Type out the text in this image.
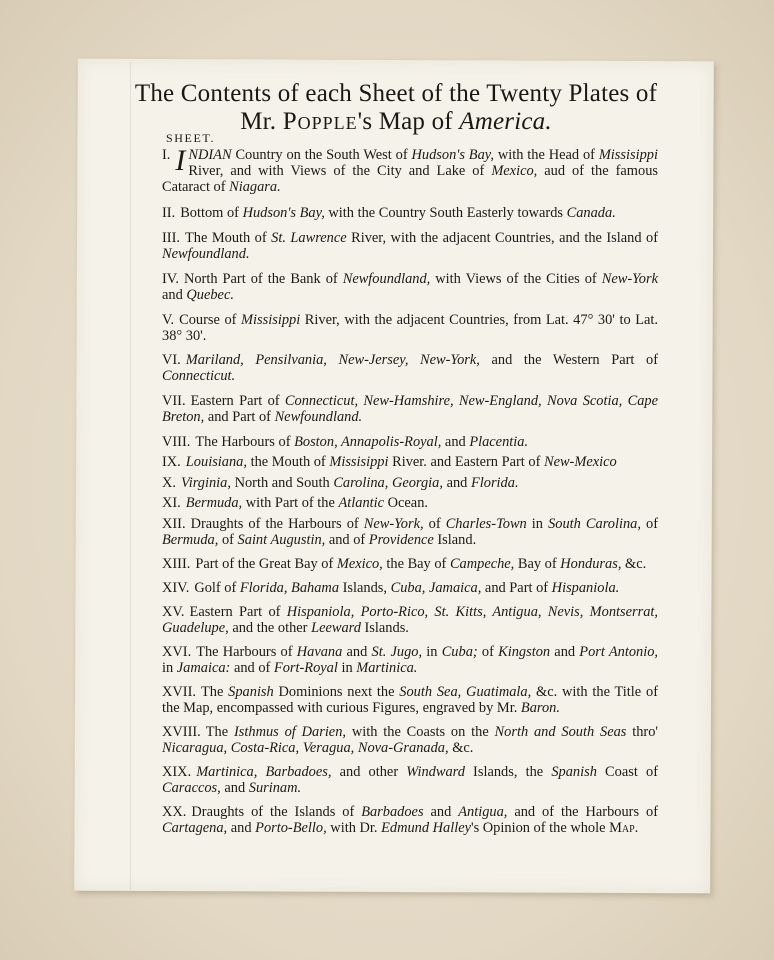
The Contents of each Sheet of the Twenty Plates of
Mr. Popple's Map of America.
SHEET.
I. I NDIAN Country on the South West of Hudson's Bay, with the Head of Missisippi River, and with Views of the City and Lake of Mexico, aud of the famous Cataract of Niagara.
II. Bottom of Hudson's Bay, with the Country South Easterly towards Canada.
III. The Mouth of St. Lawrence River, with the adjacent Countries, and the Island of Newfoundland.
IV. North Part of the Bank of Newfoundland, with Views of the Cities of New-York and Quebec.
V. Course of Missisippi River, with the adjacent Countries, from Lat. 47° 30' to Lat. 38° 30'.
VI. Mariland, Pensilvania, New-Jersey, New-York, and the Western Part of Connecticut.
VII. Eastern Part of Connecticut, New-Hamshire, New-England, Nova Scotia, Cape Breton, and Part of Newfoundland.
VIII. The Harbours of Boston, Annapolis-Royal, and Placentia.
IX. Louisiana, the Mouth of Missisippi River. and Eastern Part of New-Mexico
X. Virginia, North and South Carolina, Georgia, and Florida.
XI. Bermuda, with Part of the Atlantic Ocean.
XII. Draughts of the Harbours of New-York, of Charles-Town in South Carolina, of Bermuda, of Saint Augustin, and of Providence Island.
XIII. Part of the Great Bay of Mexico, the Bay of Campeche, Bay of Honduras, &c.
XIV. Golf of Florida, Bahama Islands, Cuba, Jamaica, and Part of Hispaniola.
XV. Eastern Part of Hispaniola, Porto-Rico, St. Kitts, Antigua, Nevis, Montserrat, Guadelupe, and the other Leeward Islands.
XVI. The Harbours of Havana and St. Jugo, in Cuba; of Kingston and Port Antonio, in Jamaica: and of Fort-Royal in Martinica.
XVII. The Spanish Dominions next the South Sea, Guatimala, &c. with the Title of the Map, encompassed with curious Figures, engraved by Mr. Baron.
XVIII. The Isthmus of Darien, with the Coasts on the North and South Seas thro' Nicaragua, Costa-Rica, Veragua, Nova-Granada, &c.
XIX. Martinica, Barbadoes, and other Windward Islands, the Spanish Coast of Caraccos, and Surinam.
XX. Draughts of the Islands of Barbadoes and Antigua, and of the Harbours of Cartagena, and Porto-Bello, with Dr. Edmund Halley's Opinion of the whole Map.
